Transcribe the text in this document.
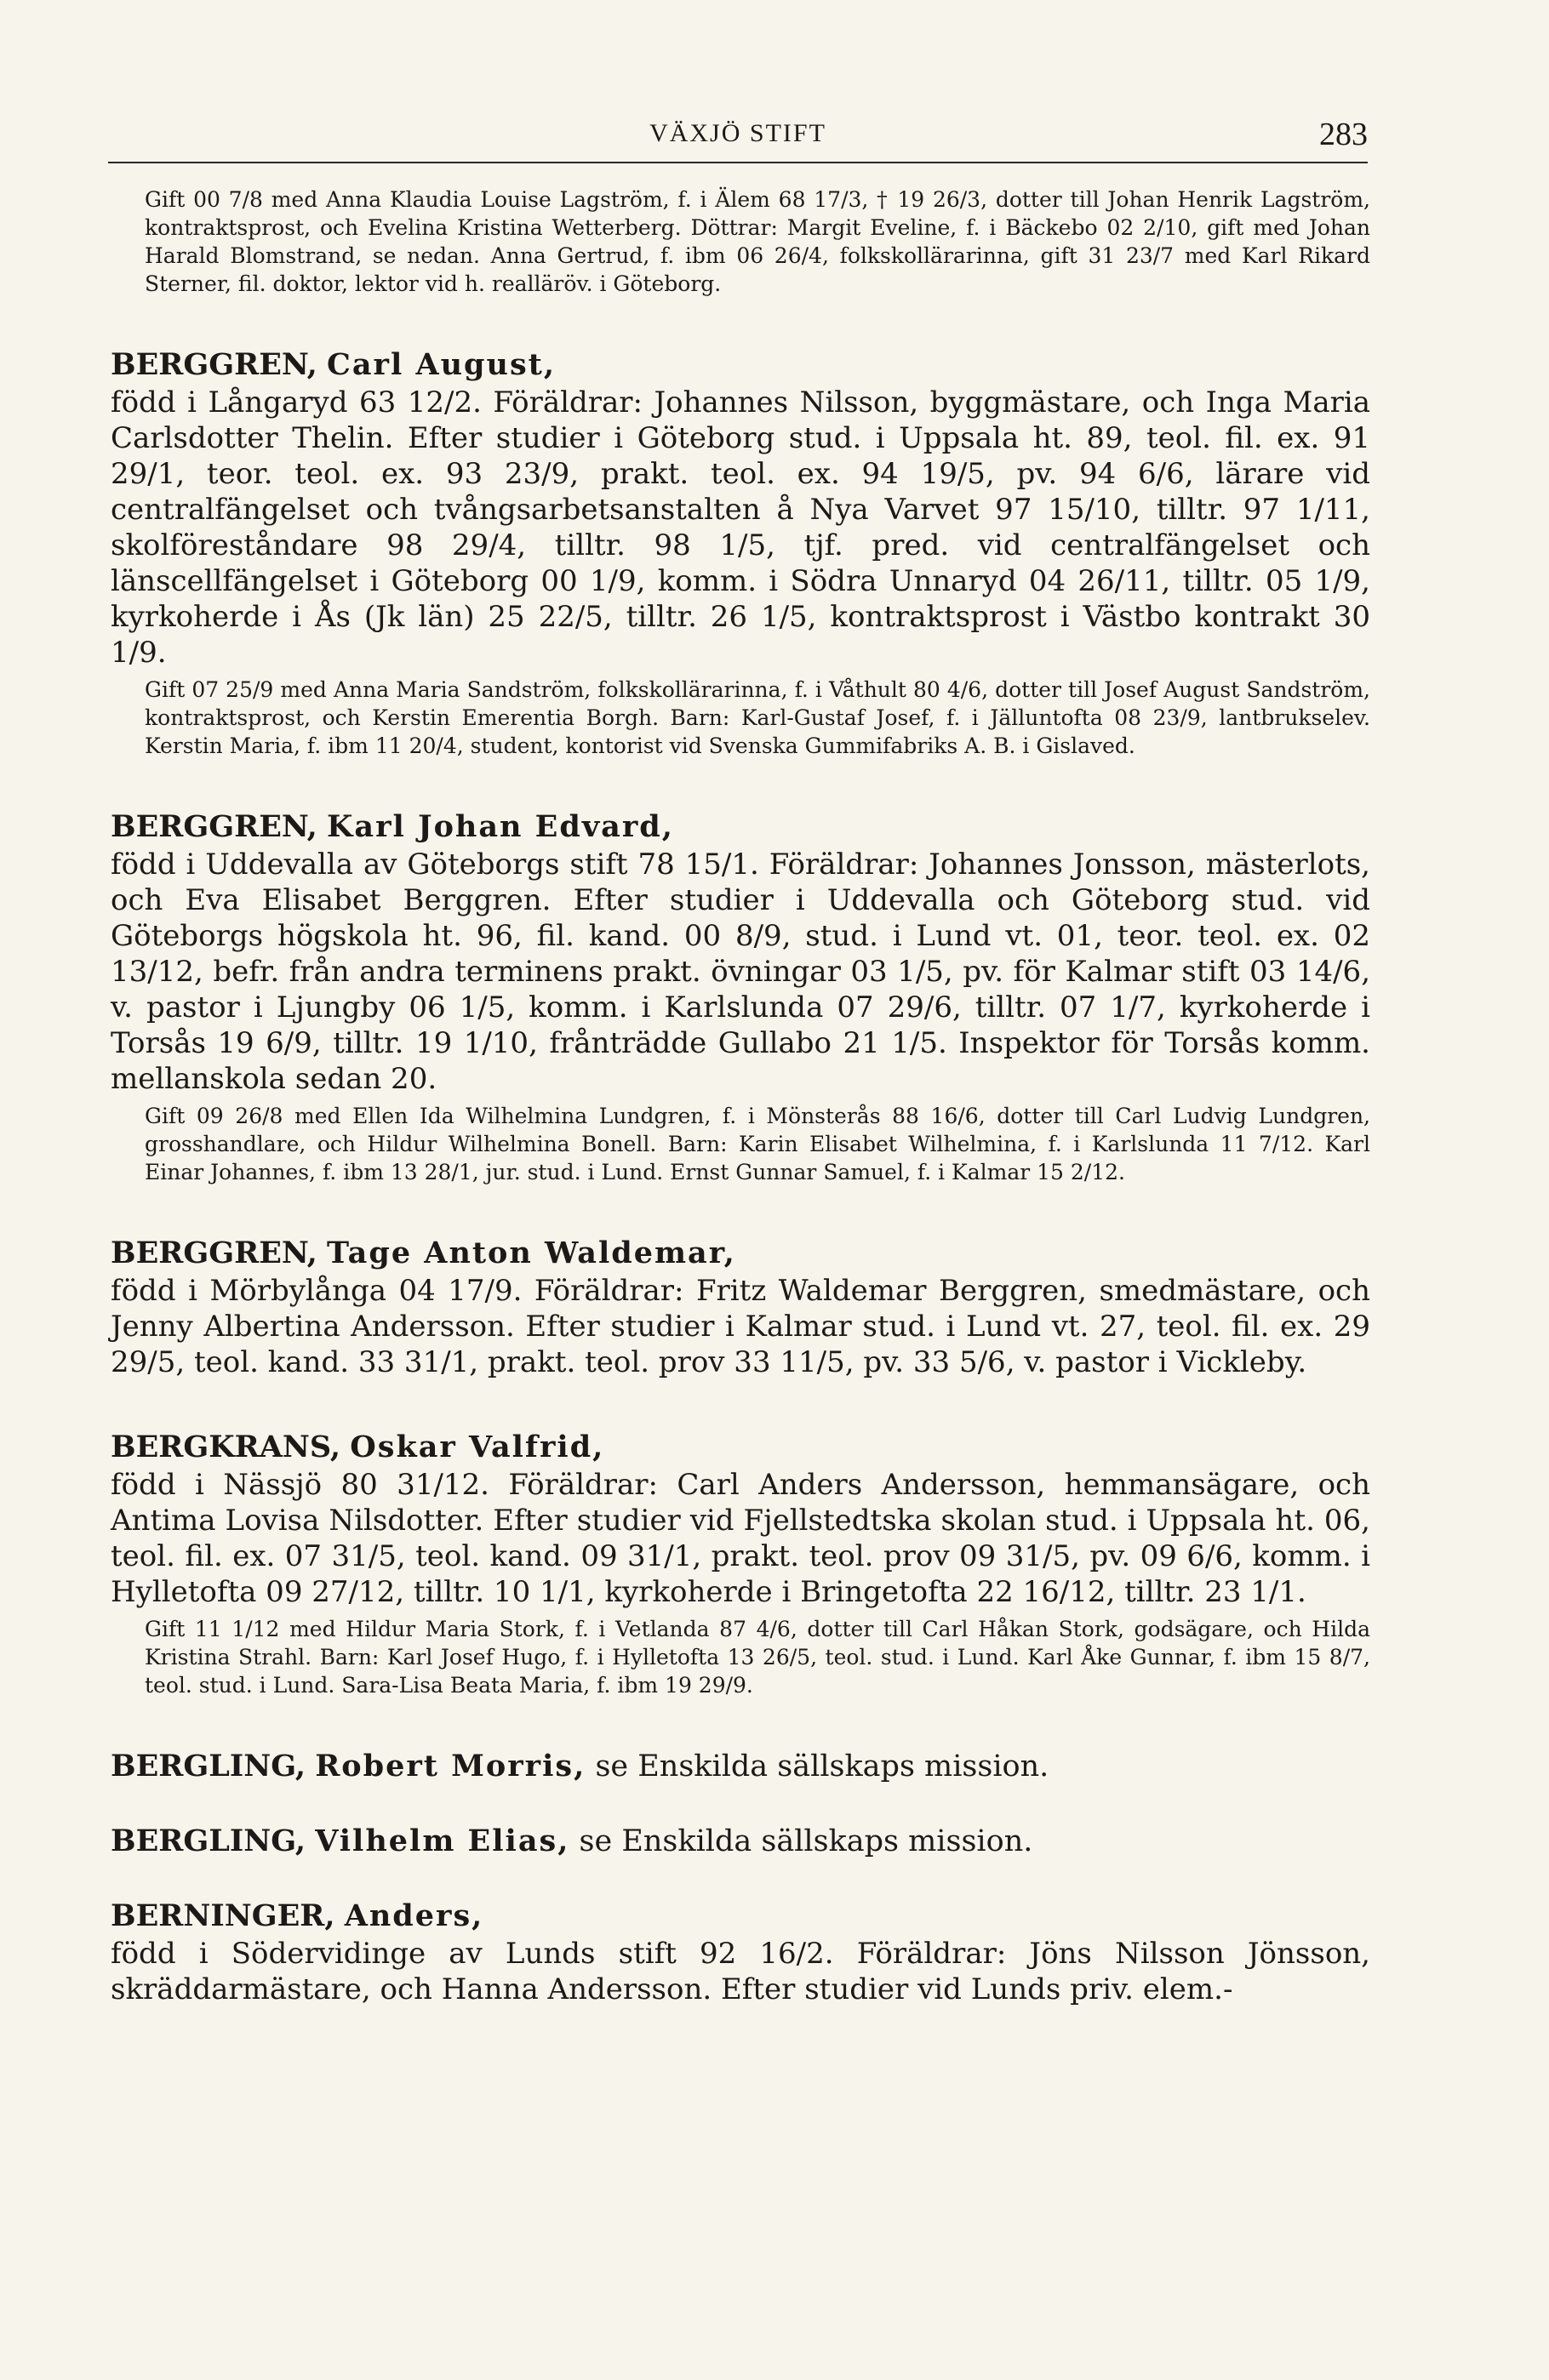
VÄXJÖ STIFT	283

Gift 00 7/8 med Anna Klaudia Louise Lagström, f. i Älem 68 17/3, † 19 26/3, dotter till Johan Henrik Lagström, kontraktsprost, och Evelina Kristina Wetterberg. Döttrar: Margit Eveline, f. i Bäckebo 02 2/10, gift med Johan Harald Blomstrand, se nedan. Anna Gertrud, f. ibm 06 26/4, folkskollärarinna, gift 31 23/7 med Karl Rikard Sterner, fil. doktor, lektor vid h. realläröv. i Göteborg.

BERGGREN, Carl August,

född i Långaryd 63 12/2. Föräldrar: Johannes Nilsson, byggmästare, och Inga Maria Carlsdotter Thelin. Efter studier i Göteborg stud. i Uppsala ht. 89, teol. fil. ex. 91 29/1, teor. teol. ex. 93 23/9, prakt. teol. ex. 94 19/5, pv. 94 6/6, lärare vid centralfängelset och tvångsarbetsanstalten å Nya Varvet 97 15/10, tilltr. 97 1/11, skolföreståndare 98 29/4, tilltr. 98 1/5, tjf. pred. vid centralfängelset och länscellfängelset i Göteborg 00 1/9, komm. i Södra Unnaryd 04 26/11, tilltr. 05 1/9, kyrkoherde i Ås (Jk län) 25 22/5, tilltr. 26 1/5, kontraktsprost i Västbo kontrakt 30 1/9.

Gift 07 25/9 med Anna Maria Sandström, folkskollärarinna, f. i Våthult 80 4/6, dotter till Josef August Sandström, kontraktsprost, och Kerstin Emerentia Borgh. Barn: Karl-Gustaf Josef, f. i Jälluntofta 08 23/9, lantbrukselev. Kerstin Maria, f. ibm 11 20/4, student, kontorist vid Svenska Gummifabriks A. B. i Gislaved.

BERGGREN, Karl Johan Edvard,

född i Uddevalla av Göteborgs stift 78 15/1. Föräldrar: Johannes Jonsson, mästerlots, och Eva Elisabet Berggren. Efter studier i Uddevalla och Göteborg stud. vid Göteborgs högskola ht. 96, fil. kand. 00 8/9, stud. i Lund vt. 01, teor. teol. ex. 02 13/12, befr. från andra terminens prakt. övningar 03 1/5, pv. för Kalmar stift 03 14/6, v. pastor i Ljungby 06 1/5, komm. i Karlslunda 07 29/6, tilltr. 07 1/7, kyrkoherde i Torsås 19 6/9, tilltr. 19 1/10, frånträdde Gullabo 21 1/5. Inspektor för Torsås komm. mellanskola sedan 20.

Gift 09 26/8 med Ellen Ida Wilhelmina Lundgren, f. i Mönsterås 88 16/6, dotter till Carl Ludvig Lundgren, grosshandlare, och Hildur Wilhelmina Bonell. Barn: Karin Elisabet Wilhelmina, f. i Karlslunda 11 7/12. Karl Einar Johannes, f. ibm 13 28/1, jur. stud. i Lund. Ernst Gunnar Samuel, f. i Kalmar 15 2/12.

BERGGREN, Tage Anton Waldemar,

född i Mörbylånga 04 17/9. Föräldrar: Fritz Waldemar Berggren, smedmästare, och Jenny Albertina Andersson. Efter studier i Kalmar stud. i Lund vt. 27, teol. fil. ex. 29 29/5, teol. kand. 33 31/1, prakt. teol. prov 33 11/5, pv. 33 5/6, v. pastor i Vickleby.

BERGKRANS, Oskar Valfrid,

född i Nässjö 80 31/12. Föräldrar: Carl Anders Andersson, hemmansägare, och Antima Lovisa Nilsdotter. Efter studier vid Fjellstedtska skolan stud. i Uppsala ht. 06, teol. fil. ex. 07 31/5, teol. kand. 09 31/1, prakt. teol. prov 09 31/5, pv. 09 6/6, komm. i Hylletofta 09 27/12, tilltr. 10 1/1, kyrkoherde i Bringetofta 22 16/12, tilltr. 23 1/1.

Gift 11 1/12 med Hildur Maria Stork, f. i Vetlanda 87 4/6, dotter till Carl Håkan Stork, godsägare, och Hilda Kristina Strahl. Barn: Karl Josef Hugo, f. i Hylletofta 13 26/5, teol. stud. i Lund. Karl Åke Gunnar, f. ibm 15 8/7, teol. stud. i Lund. Sara-Lisa Beata Maria, f. ibm 19 29/9.

BERGLING, Robert Morris, se Enskilda sällskaps mission.

BERGLING, Vilhelm Elias, se Enskilda sällskaps mission.

BERNINGER, Anders,

född i Södervidinge av Lunds stift 92 16/2. Föräldrar: Jöns Nilsson Jönsson, skräddarmästare, och Hanna Andersson. Efter studier vid Lunds priv. elem.-
